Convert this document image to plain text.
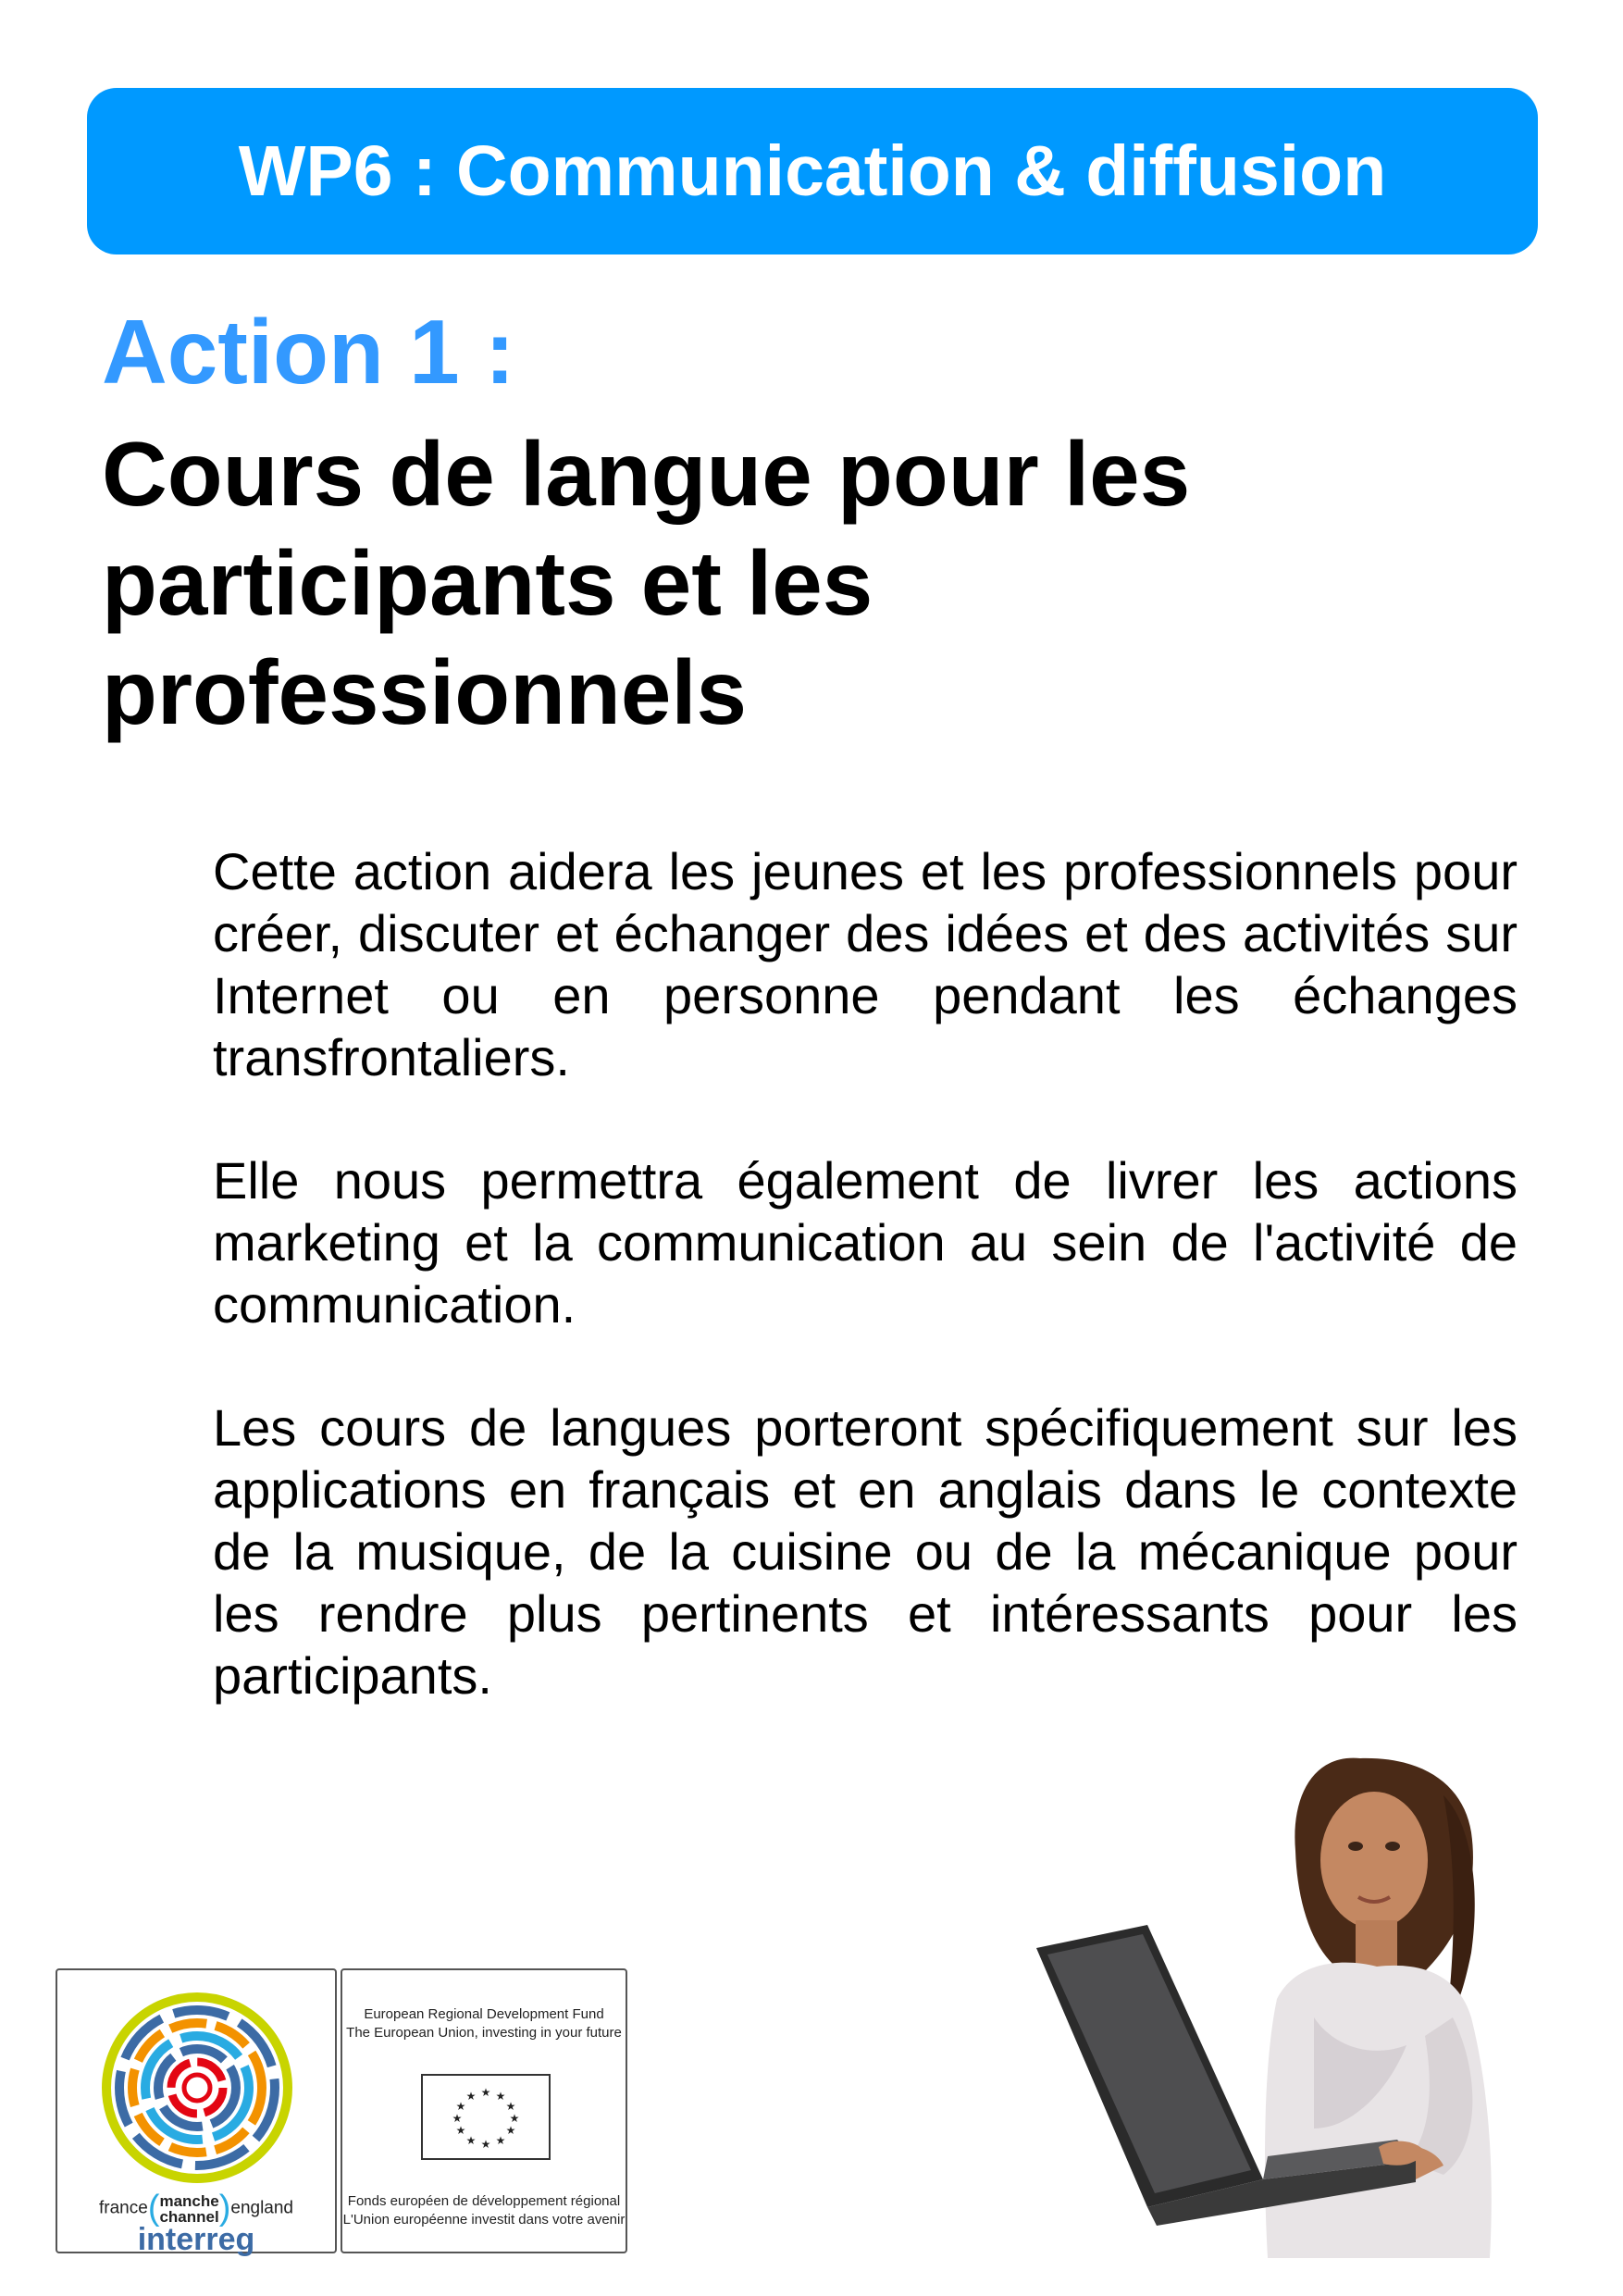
WP6 : Communication & diffusion
Action 1 :
Cours de langue pour les participants et les professionnels

Cette action aidera les jeunes et les professionnels pour créer, discuter et échanger des idées et des activités sur Internet ou en personne pendant les échanges transfrontaliers.

Elle nous permettra également de livrer les actions marketing et la communication au sein de l'activité de communication.

Les cours de langues porteront spécifiquement sur les applications en français et en anglais dans le contexte de la musique, de la cuisine ou de la mécanique pour les rendre plus pertinents et intéressants pour les participants.

france(manche
channel)england
interreg
European Regional Development Fund
The European Union, investing in your future
★ ★
★
★
★
★
★
★
★
★
★
★
Fonds européen de développement régional
L'Union européenne investit dans votre avenir
